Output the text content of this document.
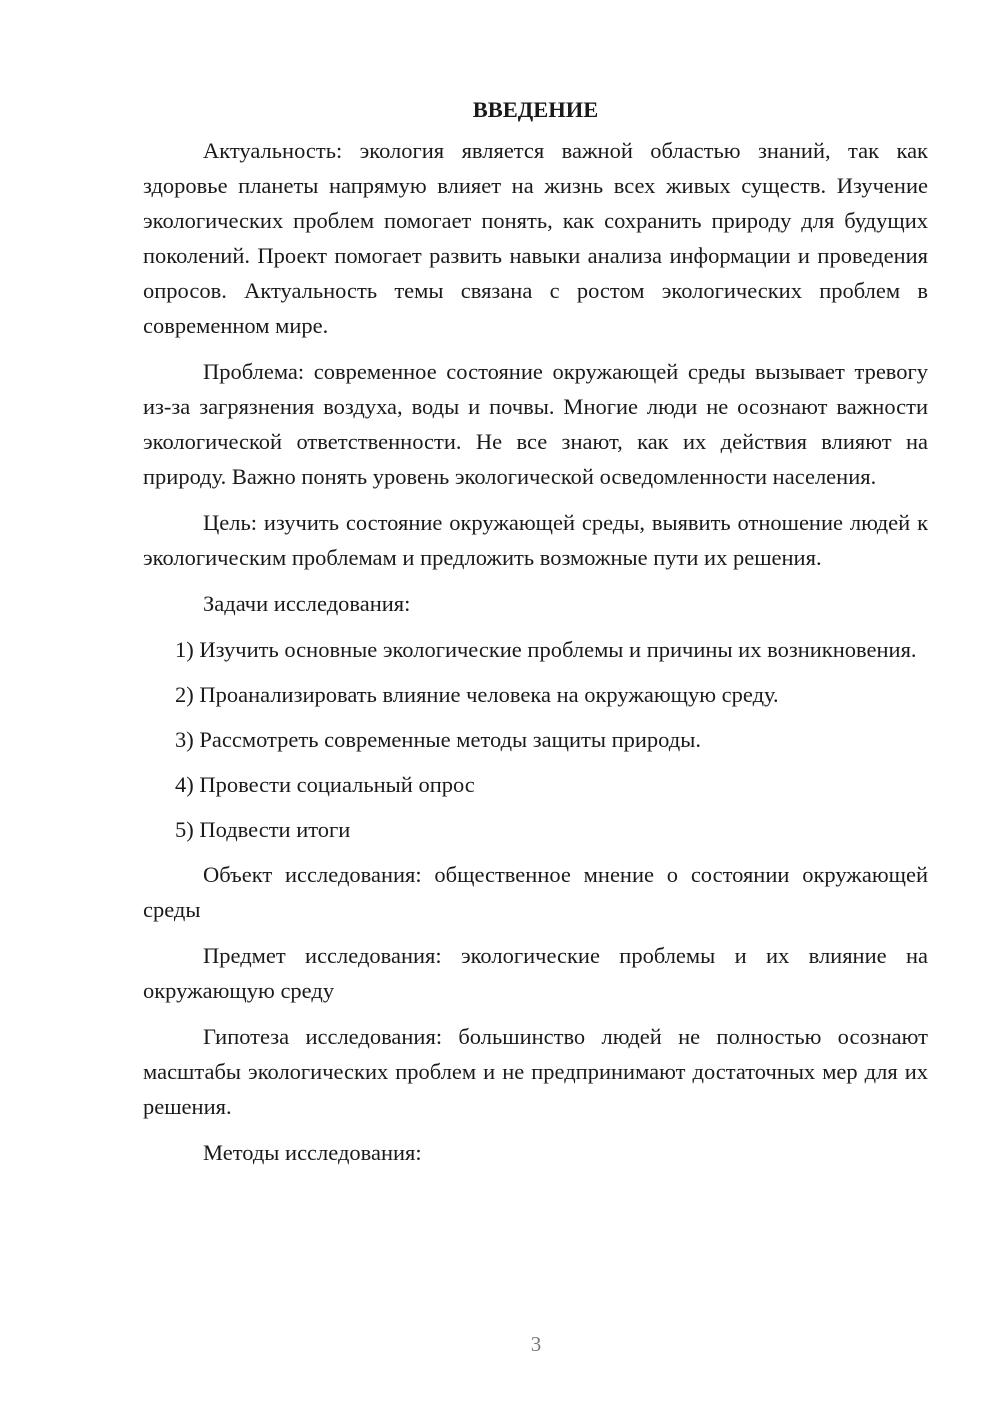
ВВЕДЕНИЕ

Актуальность: экология является важной областью знаний, так как здоровье планеты напрямую влияет на жизнь всех живых существ. Изучение экологических проблем помогает понять, как сохранить природу для будущих поколений. Проект помогает развить навыки анализа информации и проведения опросов. Актуальность темы связана с ростом экологических проблем в современном мире.

Проблема: современное состояние окружающей среды вызывает тревогу из-за загрязнения воздуха, воды и почвы. Многие люди не осознают важности экологической ответственности. Не все знают, как их действия влияют на природу. Важно понять уровень экологической осведомленности населения.

Цель: изучить состояние окружающей среды, выявить отношение людей к экологическим проблемам и предложить возможные пути их решения.

Задачи исследования:

1) Изучить основные экологические проблемы и причины их возникновения.

2) Проанализировать влияние человека на окружающую среду.

3) Рассмотреть современные методы защиты природы.

4) Провести социальный опрос

5) Подвести итоги

Объект исследования: общественное мнение о состоянии окружающей среды

Предмет исследования: экологические проблемы и их влияние на окружающую среду

Гипотеза исследования: большинство людей не полностью осознают масштабы экологических проблем и не предпринимают достаточных мер для их решения.

Методы исследования:

3
